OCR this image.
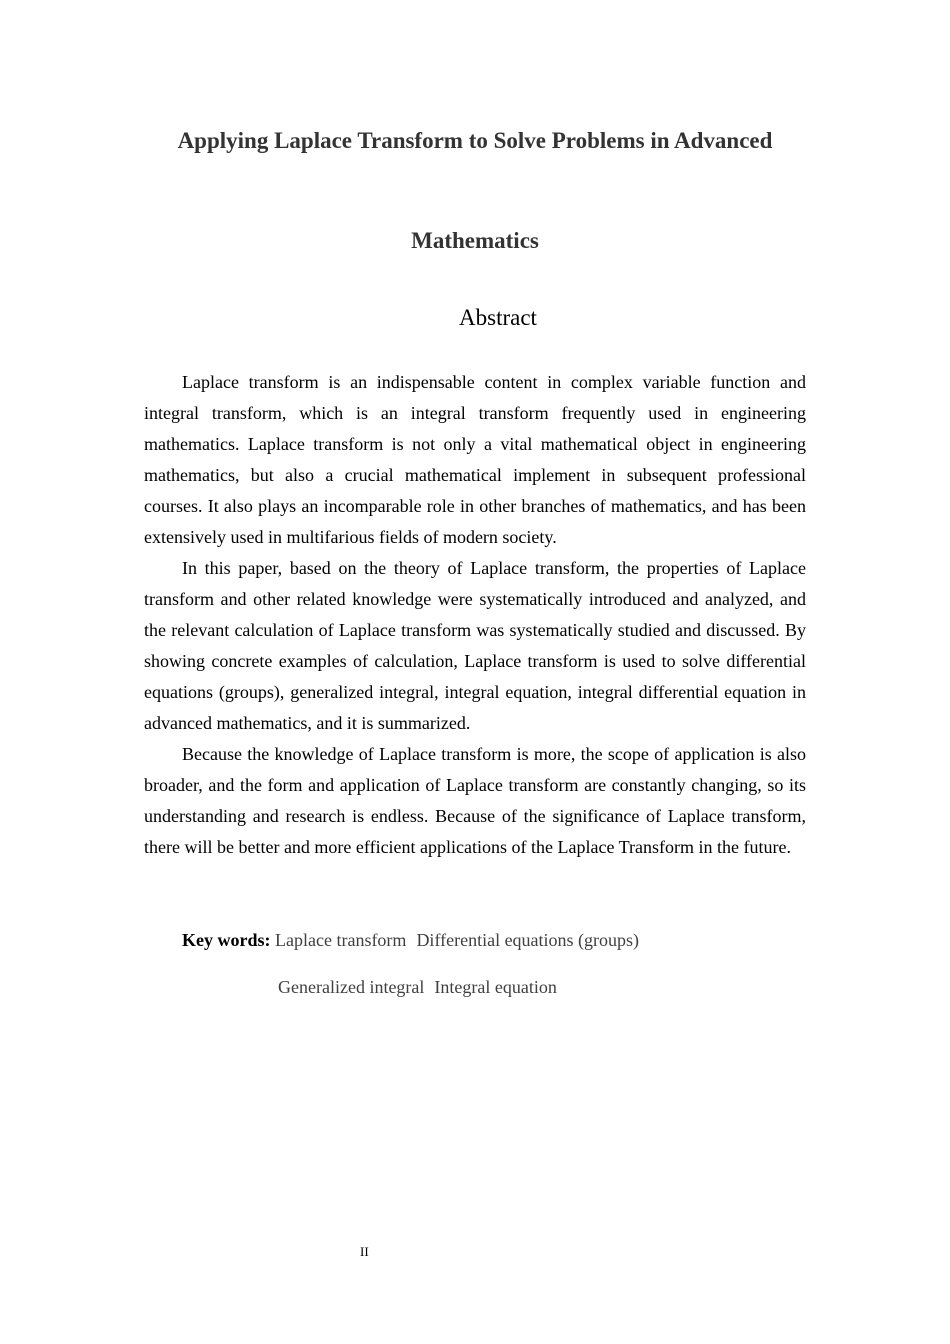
Applying Laplace Transform to Solve Problems in Advanced
Mathematics
Abstract

Laplace transform is an indispensable content in complex variable function and integral transform, which is an integral transform frequently used in engineering mathematics. Laplace transform is not only a vital mathematical object in engineering mathematics, but also a crucial mathematical implement in subsequent professional courses. It also plays an incomparable role in other branches of mathematics, and has been extensively used in multifarious fields of modern society.

In this paper, based on the theory of Laplace transform, the properties of Laplace transform and other related knowledge were systematically introduced and analyzed, and the relevant calculation of Laplace transform was systematically studied and discussed. By showing concrete examples of calculation, Laplace transform is used to solve differential equations (groups), generalized integral, integral equation, integral differential equation in advanced mathematics, and it is summarized.

Because the knowledge of Laplace transform is more, the scope of application is also broader, and the form and application of Laplace transform are constantly changing, so its understanding and research is endless. Because of the significance of Laplace transform, there will be better and more efficient applications of the Laplace Transform in the future.

Key words: Laplace transform Differential equations (groups)
Generalized integral Integral equation
II
